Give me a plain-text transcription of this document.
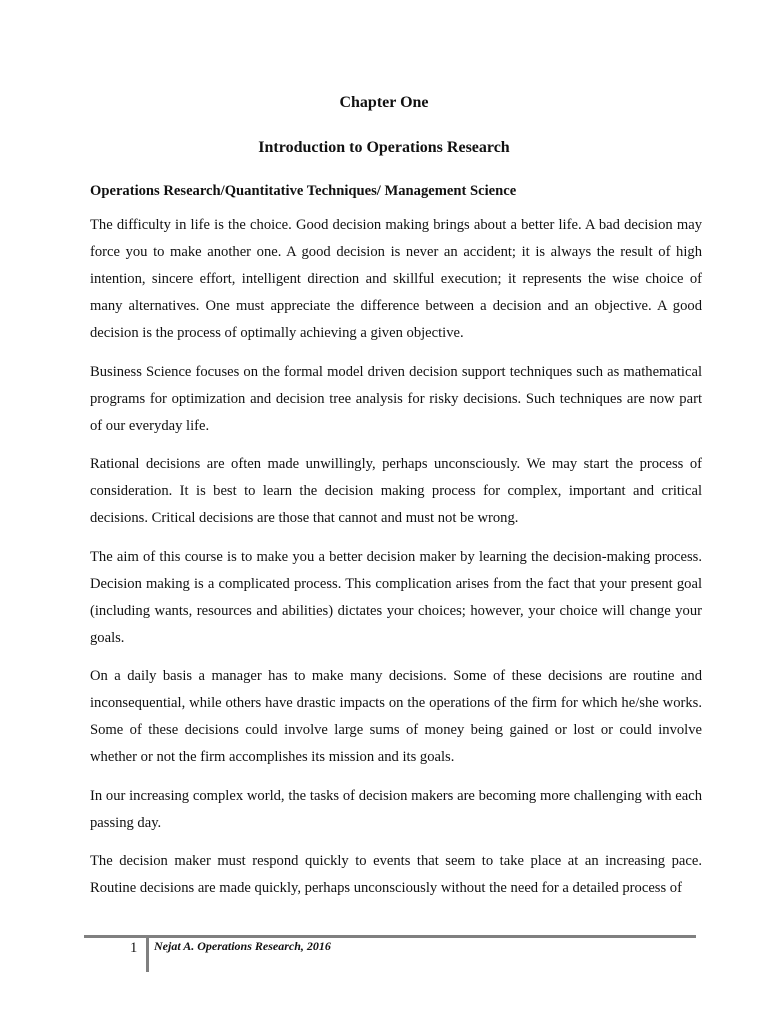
Chapter One
Introduction to Operations Research

Operations Research/Quantitative Techniques/ Management Science

The difficulty in life is the choice. Good decision making brings about a better life. A bad decision may force you to make another one. A good decision is never an accident; it is always the result of high intention, sincere effort, intelligent direction and skillful execution; it represents the wise choice of many alternatives. One must appreciate the difference between a decision and an objective. A good decision is the process of optimally achieving a given objective.

Business Science focuses on the formal model driven decision support techniques such as mathematical programs for optimization and decision tree analysis for risky decisions. Such techniques are now part of our everyday life.

Rational decisions are often made unwillingly, perhaps unconsciously. We may start the process of consideration. It is best to learn the decision making process for complex, important and critical decisions. Critical decisions are those that cannot and must not be wrong.

The aim of this course is to make you a better decision maker by learning the decision-making process. Decision making is a complicated process. This complication arises from the fact that your present goal (including wants, resources and abilities) dictates your choices; however, your choice will change your goals.

On a daily basis a manager has to make many decisions. Some of these decisions are routine and inconsequential, while others have drastic impacts on the operations of the firm for which he/she works. Some of these decisions could involve large sums of money being gained or lost or could involve whether or not the firm accomplishes its mission and its goals.

In our increasing complex world, the tasks of decision makers are becoming more challenging with each passing day.

The decision maker must respond quickly to events that seem to take place at an increasing pace. Routine decisions are made quickly, perhaps unconsciously without the need for a detailed process of

1 Nejat A. Operations Research, 2016
